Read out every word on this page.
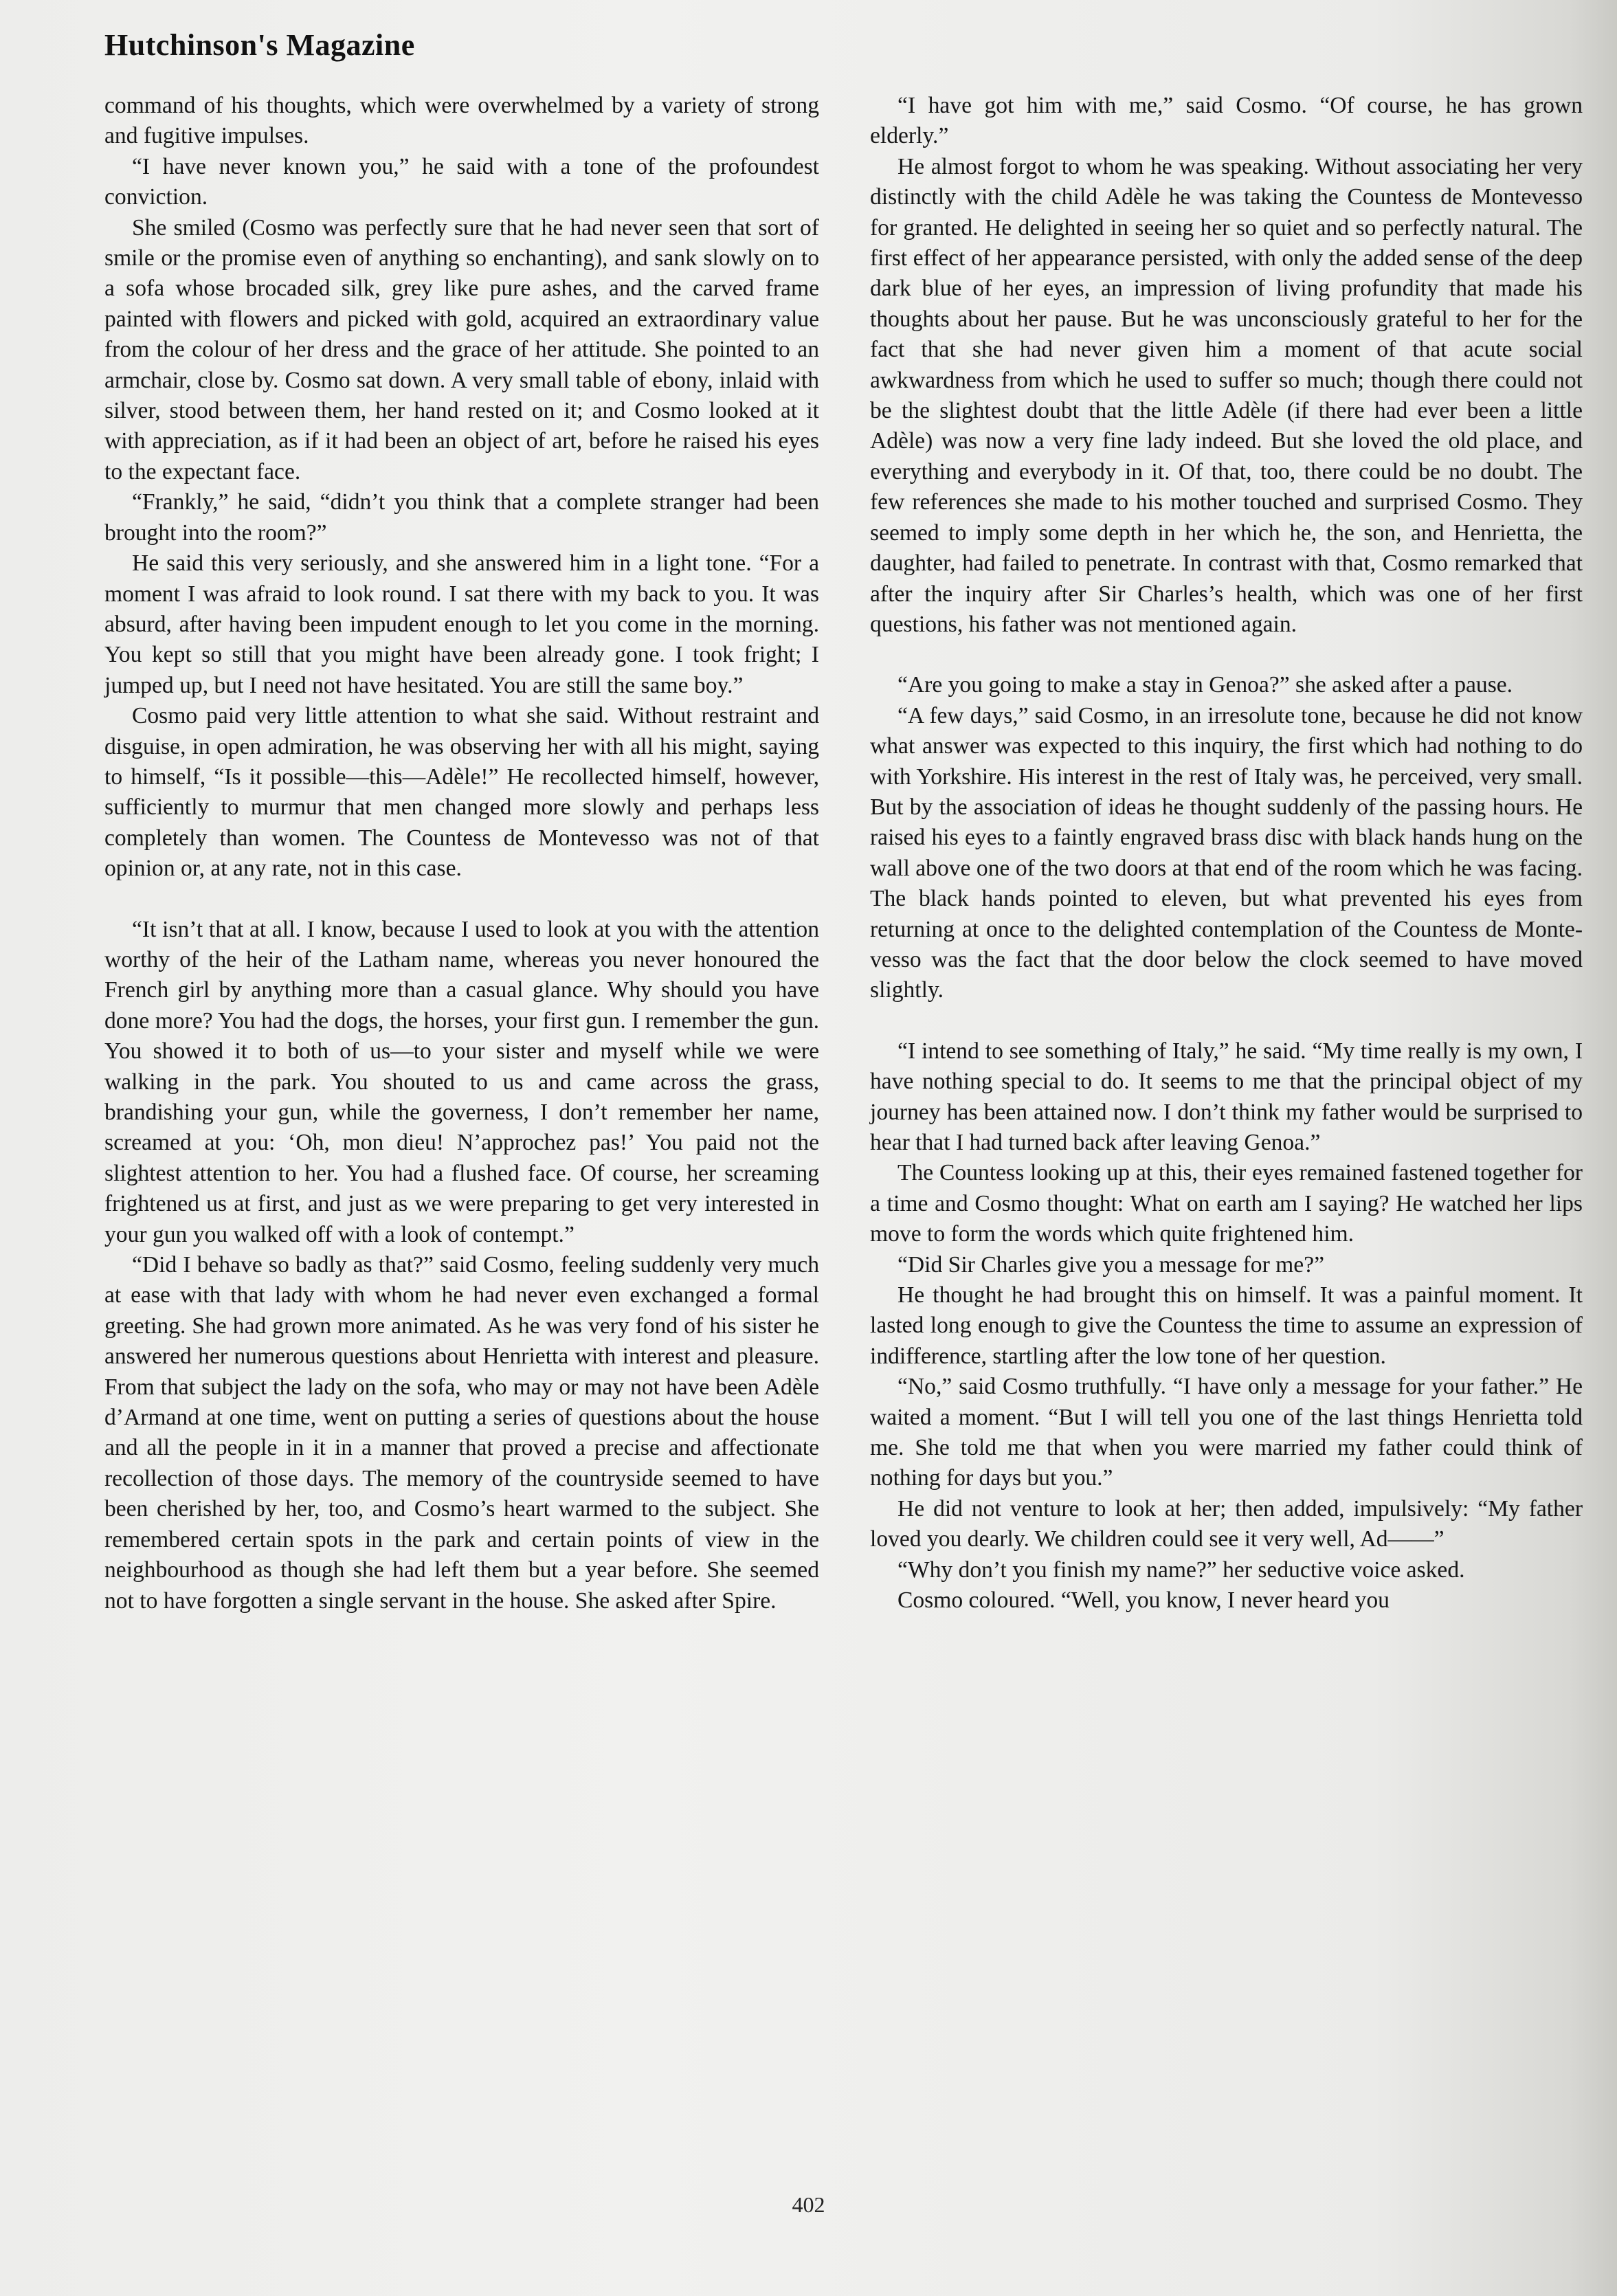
Hutchinson's Magazine

command of his thoughts, which were overwhelmed by a variety of strong and fugitive impulses.

“I have never known you,” he said with a tone of the profoundest conviction.

She smiled (Cosmo was perfectly sure that he had never seen that sort of smile or the promise even of anything so enchanting), and sank slowly on to a sofa whose brocaded silk, grey like pure ashes, and the carved frame painted with flowers and picked with gold, acquired an extraordinary value from the colour of her dress and the grace of her attitude. She pointed to an armchair, close by. Cosmo sat down. A very small table of ebony, inlaid with silver, stood between them, her hand rested on it; and Cosmo looked at it with appreciation, as if it had been an object of art, before he raised his eyes to the expectant face.

“Frankly,” he said, “didn’t you think that a complete stranger had been brought into the room?”

He said this very seriously, and she answered him in a light tone. “For a moment I was afraid to look round. I sat there with my back to you. It was absurd, after having been impudent enough to let you come in the morning. You kept so still that you might have been already gone. I took fright; I jumped up, but I need not have hesitated. You are still the same boy.”

Cosmo paid very little attention to what she said. Without restraint and disguise, in open admiration, he was observing her with all his might, saying to himself, “Is it possible—this—Adèle!” He recollected himself, however, sufficiently to murmur that men changed more slowly and perhaps less completely than women. The Countess de Montevesso was not of that opinion or, at any rate, not in this case.

“It isn’t that at all. I know, because I used to look at you with the attention worthy of the heir of the Latham name, whereas you never honoured the French girl by anything more than a casual glance. Why should you have done more? You had the dogs, the horses, your first gun. I remember the gun. You showed it to both of us—to your sister and myself while we were walking in the park. You shouted to us and came across the grass, brandishing your gun, while the governess, I don’t remember her name, screamed at you: ‘Oh, mon dieu! N’approchez pas!’ You paid not the slightest attention to her. You had a flushed face. Of course, her screaming frightened us at first, and just as we were preparing to get very interested in your gun you walked off with a look of contempt.”

“Did I behave so badly as that?” said Cosmo, feeling suddenly very much at ease with that lady with whom he had never even exchanged a formal greeting. She had grown more animated. As he was very fond of his sister he answered her numerous questions about Henrietta with interest and pleasure. From that subject the lady on the sofa, who may or may not have been Adèle d’Armand at one time, went on putting a series of questions about the house and all the people in it in a manner that proved a precise and affectionate recollection of those days. The memory of the countryside seemed to have been cherished by her, too, and Cosmo’s heart warmed to the subject. She remembered certain spots in the park and certain points of view in the neighbourhood as though she had left them but a year before. She seemed not to have forgotten a single servant in the house. She asked after Spire.

“I have got him with me,” said Cosmo. “Of course, he has grown elderly.”

He almost forgot to whom he was speaking. Without associating her very distinctly with the child Adèle he was taking the Countess de Montevesso for granted. He delighted in seeing her so quiet and so perfectly natural. The first effect of her appearance persisted, with only the added sense of the deep dark blue of her eyes, an impression of living profundity that made his thoughts about her pause. But he was unconsciously grateful to her for the fact that she had never given him a moment of that acute social awkwardness from which he used to suffer so much; though there could not be the slightest doubt that the little Adèle (if there had ever been a little Adèle) was now a very fine lady indeed. But she loved the old place, and everything and everybody in it. Of that, too, there could be no doubt. The few references she made to his mother touched and surprised Cosmo. They seemed to imply some depth in her which he, the son, and Henrietta, the daughter, had failed to penetrate. In contrast with that, Cosmo remarked that after the inquiry after Sir Charles’s health, which was one of her first questions, his father was not mentioned again.

“Are you going to make a stay in Genoa?” she asked after a pause.

“A few days,” said Cosmo, in an irresolute tone, because he did not know what answer was expected to this inquiry, the first which had nothing to do with Yorkshire. His interest in the rest of Italy was, he perceived, very small. But by the association of ideas he thought suddenly of the passing hours. He raised his eyes to a faintly engraved brass disc with black hands hung on the wall above one of the two doors at that end of the room which he was facing. The black hands pointed to eleven, but what prevented his eyes from returning at once to the delighted contemplation of the Countess de Montevesso was the fact that the door below the clock seemed to have moved slightly.

“I intend to see something of Italy,” he said. “My time really is my own, I have nothing special to do. It seems to me that the principal object of my journey has been attained now. I don’t think my father would be surprised to hear that I had turned back after leaving Genoa.”

The Countess looking up at this, their eyes remained fastened together for a time and Cosmo thought: What on earth am I saying? He watched her lips move to form the words which quite frightened him.

“Did Sir Charles give you a message for me?”

He thought he had brought this on himself. It was a painful moment. It lasted long enough to give the Countess the time to assume an expression of indifference, startling after the low tone of her question.

“No,” said Cosmo truthfully. “I have only a message for your father.” He waited a moment. “But I will tell you one of the last things Henrietta told me. She told me that when you were married my father could think of nothing for days but you.”

He did not venture to look at her; then added, impulsively: “My father loved you dearly. We children could see it very well, Ad——”

“Why don’t you finish my name?” her seductive voice asked.

Cosmo coloured. “Well, you know, I never heard you

402
